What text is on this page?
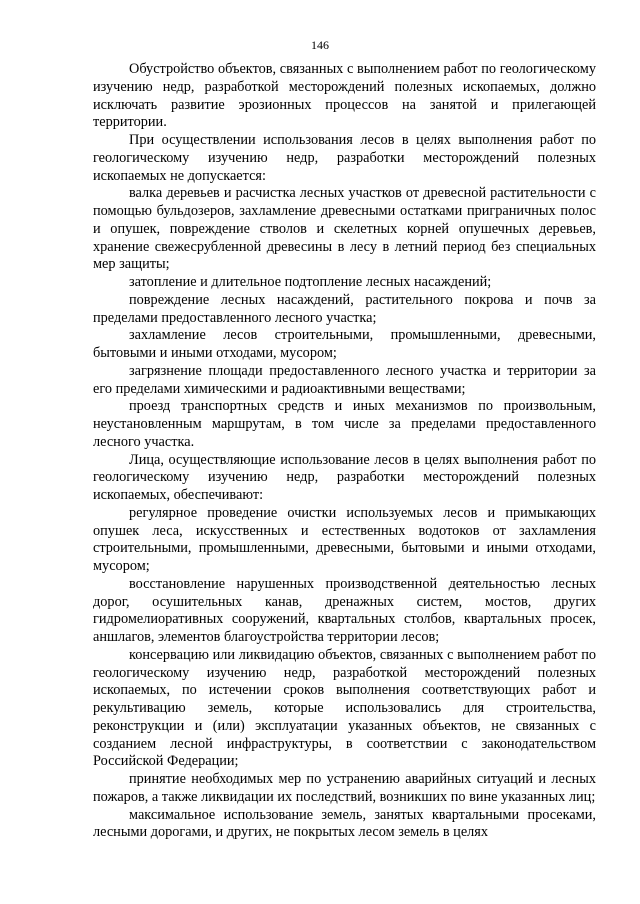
146

Обустройство объектов, связанных с выполнением работ по геологическому изучению недр, разработкой месторождений полезных ископаемых, должно исключать развитие эрозионных процессов на занятой и прилегающей территории.

При осуществлении использования лесов в целях выполнения работ по геологическому изучению недр, разработки месторождений полезных ископаемых не допускается:

валка деревьев и расчистка лесных участков от древесной растительности с помощью бульдозеров, захламление древесными остатками приграничных полос и опушек, повреждение стволов и скелетных корней опушечных деревьев, хранение свежесрубленной древесины в лесу в летний период без специальных мер защиты;

затопление и длительное подтопление лесных насаждений;

повреждение лесных насаждений, растительного покрова и почв за пределами предоставленного лесного участка;

захламление лесов строительными, промышленными, древесными, бытовыми и иными отходами, мусором;

загрязнение площади предоставленного лесного участка и территории за его пределами химическими и радиоактивными веществами;

проезд транспортных средств и иных механизмов по произвольным, неустановленным маршрутам, в том числе за пределами предоставленного лесного участка.

Лица, осуществляющие использование лесов в целях выполнения работ по геологическому изучению недр, разработки месторождений полезных ископаемых, обеспечивают:

регулярное проведение очистки используемых лесов и примыкающих опушек леса, искусственных и естественных водотоков от захламления строительными, промышленными, древесными, бытовыми и иными отходами, мусором;

восстановление нарушенных производственной деятельностью лесных дорог, осушительных канав, дренажных систем, мостов, других гидромелиоративных сооружений, квартальных столбов, квартальных просек, аншлагов, элементов благоустройства территории лесов;

консервацию или ликвидацию объектов, связанных с выполнением работ по геологическому изучению недр, разработкой месторождений полезных ископаемых, по истечении сроков выполнения соответствующих работ и рекультивацию земель, которые использовались для строительства, реконструкции и (или) эксплуатации указанных объектов, не связанных с созданием лесной инфраструктуры, в соответствии с законодательством Российской Федерации;

принятие необходимых мер по устранению аварийных ситуаций и лесных пожаров, а также ликвидации их последствий, возникших по вине указанных лиц;

максимальное использование земель, занятых квартальными просеками, лесными дорогами, и других, не покрытых лесом земель в целях
